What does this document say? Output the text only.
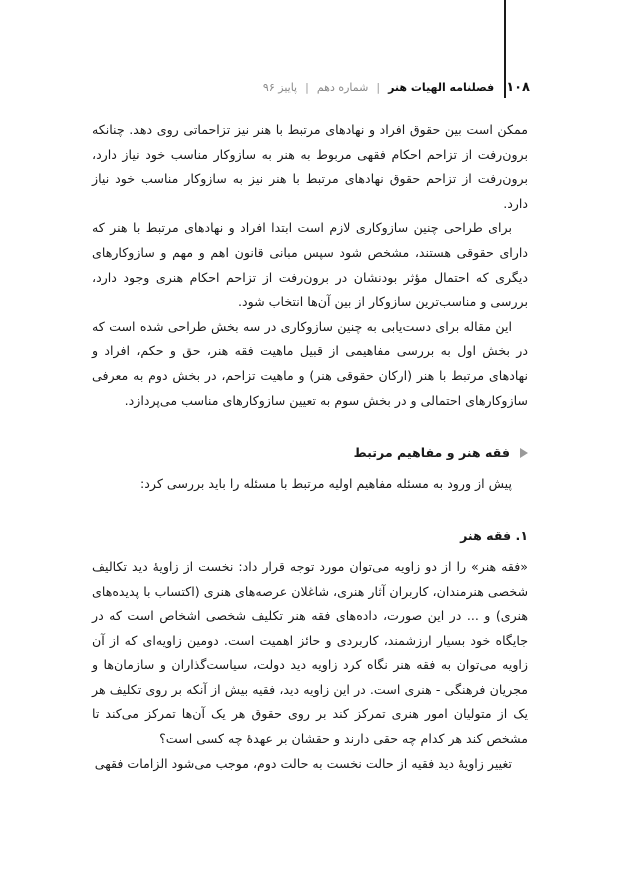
۱۰۸
فصلنامه الهیات هنر
|
شماره دهم
|
پاییز ۹۶

ممکن است بین حقوق افراد و نهادهای مرتبط با هنر نیز تزاحماتی روی دهد. چنانکه برون‌رفت از تزاحم احکام فقهی مربوط به هنر به سازوکار مناسب خود نیاز دارد، برون‌رفت از تزاحم حقوق نهادهای مرتبط با هنر نیز به سازوکار مناسب خود نیاز دارد.

برای طراحی چنین سازوکاری لازم است ابتدا افراد و نهادهای مرتبط با هنر که دارای حقوقی هستند، مشخص شود سپس مبانی قانون اهم و مهم و سازوکارهای دیگری که احتمال مؤثر بودنشان در برون‌رفت از تزاحم احکام هنری وجود دارد، بررسی و مناسب‌ترین سازوکار از بین آن‌ها انتخاب شود.

این مقاله برای دست‌یابی به چنین سازوکاری در سه بخش طراحی شده است که در بخش اول به بررسی مفاهیمی از قبیل ماهیت فقه هنر، حق و حکم، افراد و نهادهای مرتبط با هنر (ارکان حقوقی هنر) و ماهیت تزاحم، در بخش دوم به معرفی سازوکارهای احتمالی و در بخش سوم به تعیین سازوکارهای مناسب می‌پردازد.

فقه هنر و مفاهیم مرتبط

پیش از ورود به مسئله مفاهیم اولیه مرتبط با مسئله را باید بررسی کرد:

۱. فقه هنر

«فقه هنر» را از دو زاویه می‌توان مورد توجه قرار داد: نخست از زاویهٔ دید تکالیف شخصی هنرمندان، کاربران آثار هنری، شاغلان عرصه‌های هنری (اکتساب با پدیده‌های هنری) و ... در این صورت، داده‌های فقه هنر تکلیف شخصی اشخاص است که در جایگاه خود بسیار ارزشمند، کاربردی و حائز اهمیت است. دومین زاویه‌ای که از آن زاویه می‌توان به فقه هنر نگاه کرد زاویه دید دولت، سیاست‌گذاران و سازمان‌ها و مجریان فرهنگی - هنری است. در این زاویه دید، فقیه بیش از آنکه بر روی تکلیف هر یک از متولیان امور هنری تمرکز کند بر روی حقوق هر یک آن‌ها تمرکز می‌کند تا مشخص کند هر کدام چه حقی دارند و حقشان بر عهدهٔ چه کسی است؟

تغییر زاویهٔ دید فقیه از حالت نخست به حالت دوم، موجب می‌شود الزامات فقهی
